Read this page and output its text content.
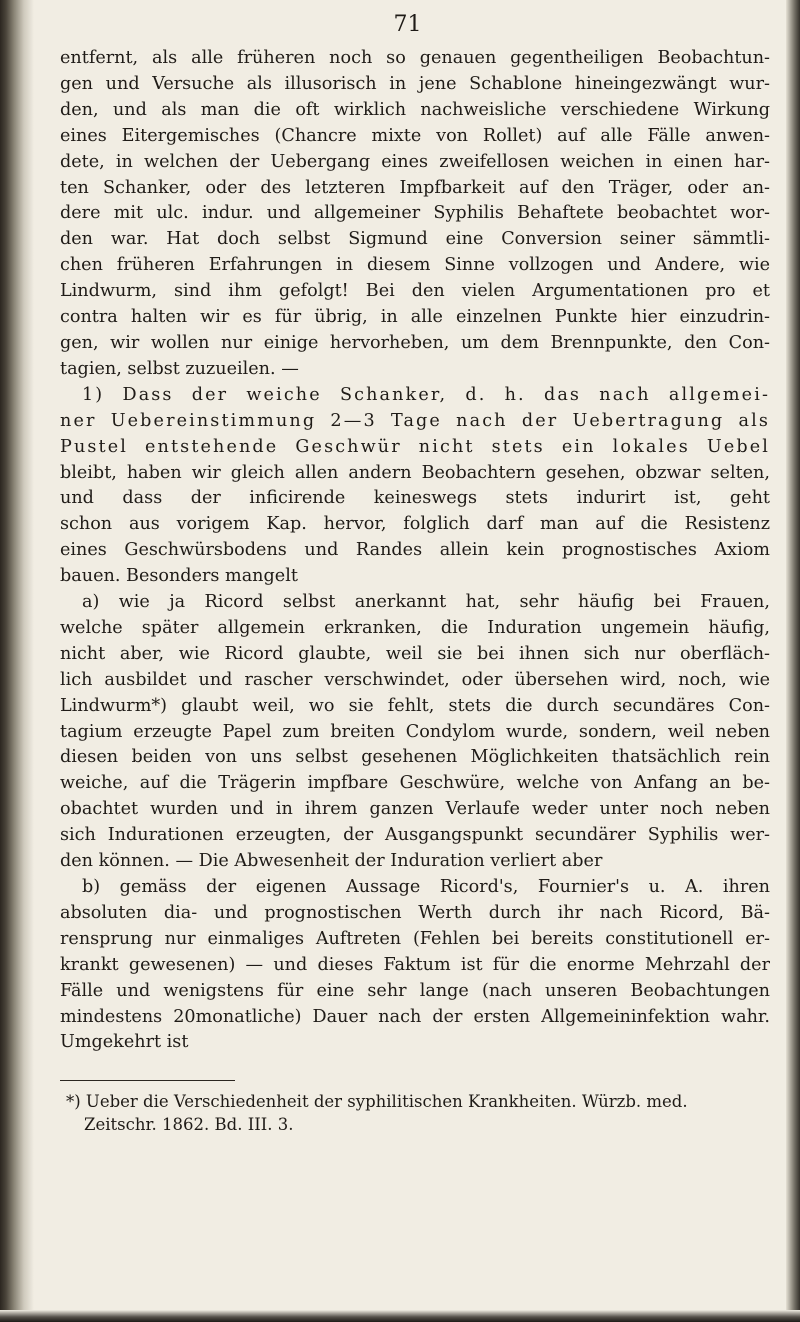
71

entfernt, als alle früheren noch so genauen gegentheiligen Beobachtun-

gen und Versuche als illusorisch in jene Schablone hineingezwängt wur-

den, und als man die oft wirklich nachweisliche verschiedene Wirkung

eines Eitergemisches (Chancre mixte von Rollet) auf alle Fälle anwen-

dete, in welchen der Uebergang eines zweifellosen weichen in einen har-

ten Schanker, oder des letzteren Impfbarkeit auf den Träger, oder an-

dere mit ulc. indur. und allgemeiner Syphilis Behaftete beobachtet wor-

den war. Hat doch selbst Sigmund eine Conversion seiner sämmtli-

chen früheren Erfahrungen in diesem Sinne vollzogen und Andere, wie

Lindwurm, sind ihm gefolgt! Bei den vielen Argumentationen pro et

contra halten wir es für übrig, in alle einzelnen Punkte hier einzudrin-

gen, wir wollen nur einige hervorheben, um dem Brennpunkte, den Con-

tagien, selbst zuzueilen. —

1) Dass der weiche Schanker, d. h. das nach allgemei-

ner Uebereinstimmung 2—3 Tage nach der Uebertragung als

Pustel entstehende Geschwür nicht stets ein lokales Uebel

bleibt, haben wir gleich allen andern Beobachtern gesehen, obzwar selten,

und dass der inficirende keineswegs stets indurirt ist, geht

schon aus vorigem Kap. hervor, folglich darf man auf die Resistenz

eines Geschwürsbodens und Randes allein kein prognostisches Axiom

bauen. Besonders mangelt

a) wie ja Ricord selbst anerkannt hat, sehr häufig bei Frauen,

welche später allgemein erkranken, die Induration ungemein häufig,

nicht aber, wie Ricord glaubte, weil sie bei ihnen sich nur oberfläch-

lich ausbildet und rascher verschwindet, oder übersehen wird, noch, wie

Lindwurm*) glaubt weil, wo sie fehlt, stets die durch secundäres Con-

tagium erzeugte Papel zum breiten Condylom wurde, sondern, weil neben

diesen beiden von uns selbst gesehenen Möglichkeiten thatsächlich rein

weiche, auf die Trägerin impfbare Geschwüre, welche von Anfang an be-

obachtet wurden und in ihrem ganzen Verlaufe weder unter noch neben

sich Indurationen erzeugten, der Ausgangspunkt secundärer Syphilis wer-

den können. — Die Abwesenheit der Induration verliert aber

b) gemäss der eigenen Aussage Ricord's, Fournier's u. A. ihren

absoluten dia- und prognostischen Werth durch ihr nach Ricord, Bä-

rensprung nur einmaliges Auftreten (Fehlen bei bereits constitutionell er-

krankt gewesenen) — und dieses Faktum ist für die enorme Mehrzahl der

Fälle und wenigstens für eine sehr lange (nach unseren Beobachtungen

mindestens 20monatliche) Dauer nach der ersten Allgemeininfektion wahr.

Umgekehrt ist

*) Ueber die Verschiedenheit der syphilitischen Krankheiten. Würzb. med.

Zeitschr. 1862. Bd. III. 3.
